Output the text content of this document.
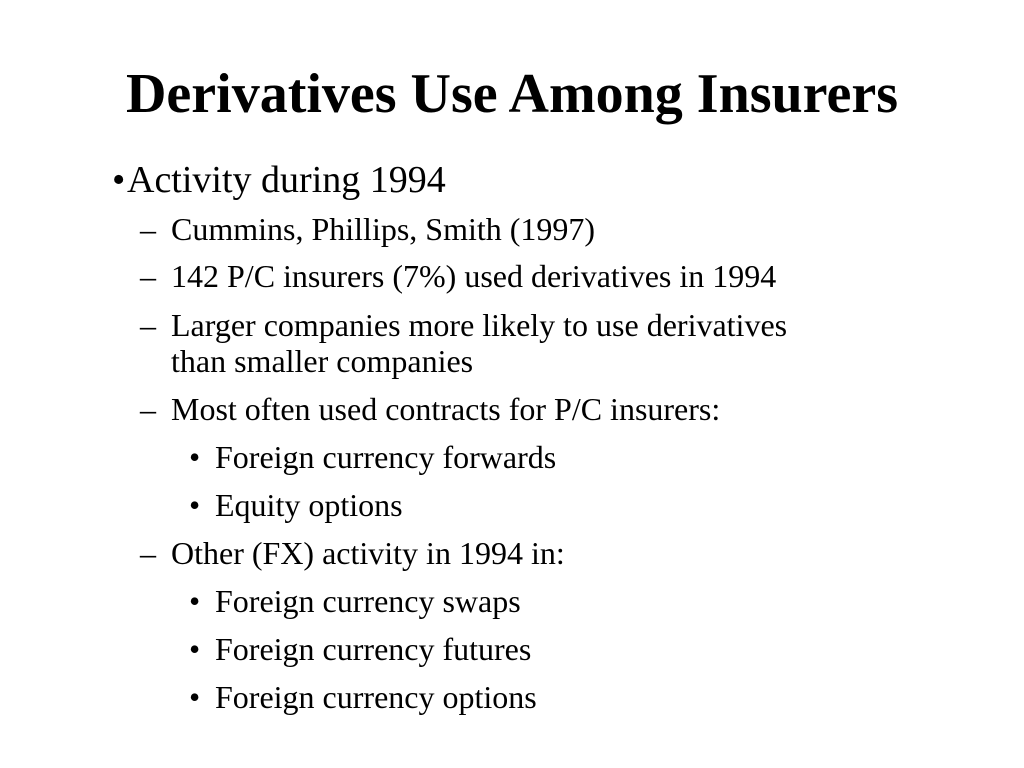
Derivatives Use Among Insurers
• Activity during 1994
– Cummins, Phillips, Smith (1997)
– 142 P/C insurers (7%) used derivatives in 1994
– Larger companies more likely to use derivatives
than smaller companies
– Most often used contracts for P/C insurers:
• Foreign currency forwards
• Equity options
– Other (FX) activity in 1994 in:
• Foreign currency swaps
• Foreign currency futures
• Foreign currency options
